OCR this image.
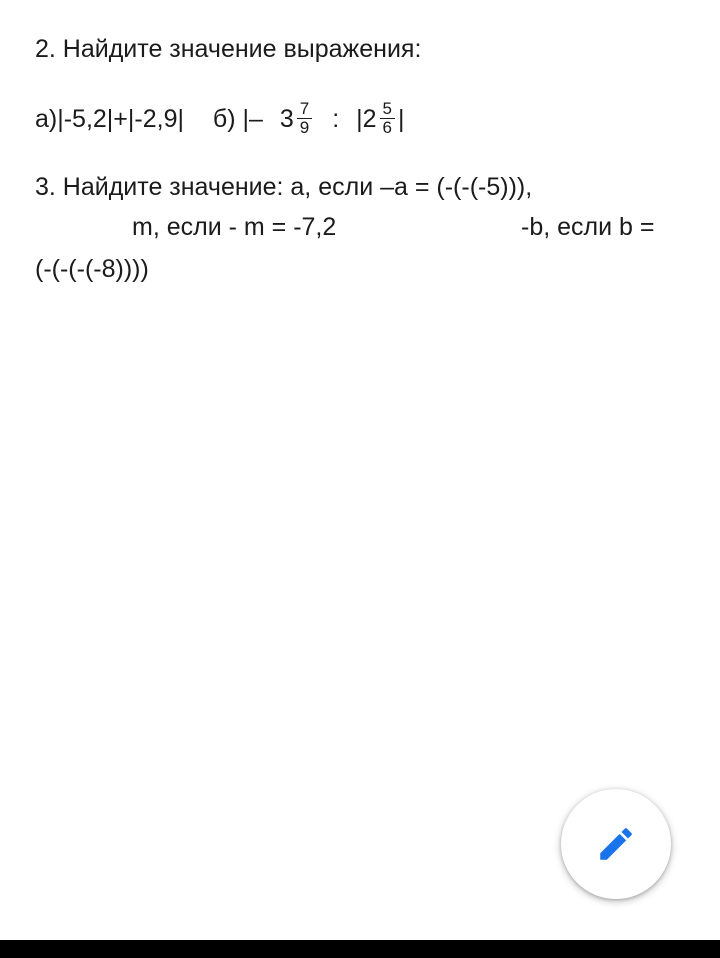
2. Найдите значение выражения:
а)|-5,2|+|-2,9| б) |– $3 \frac{7}{9}$ : $|2 \frac{5}{6}$ |
3. Найдите значение: а, если –а = (-(-(-5))),
m, если - m = -7,2	-b, если b =
(-(-(-(-8))))
